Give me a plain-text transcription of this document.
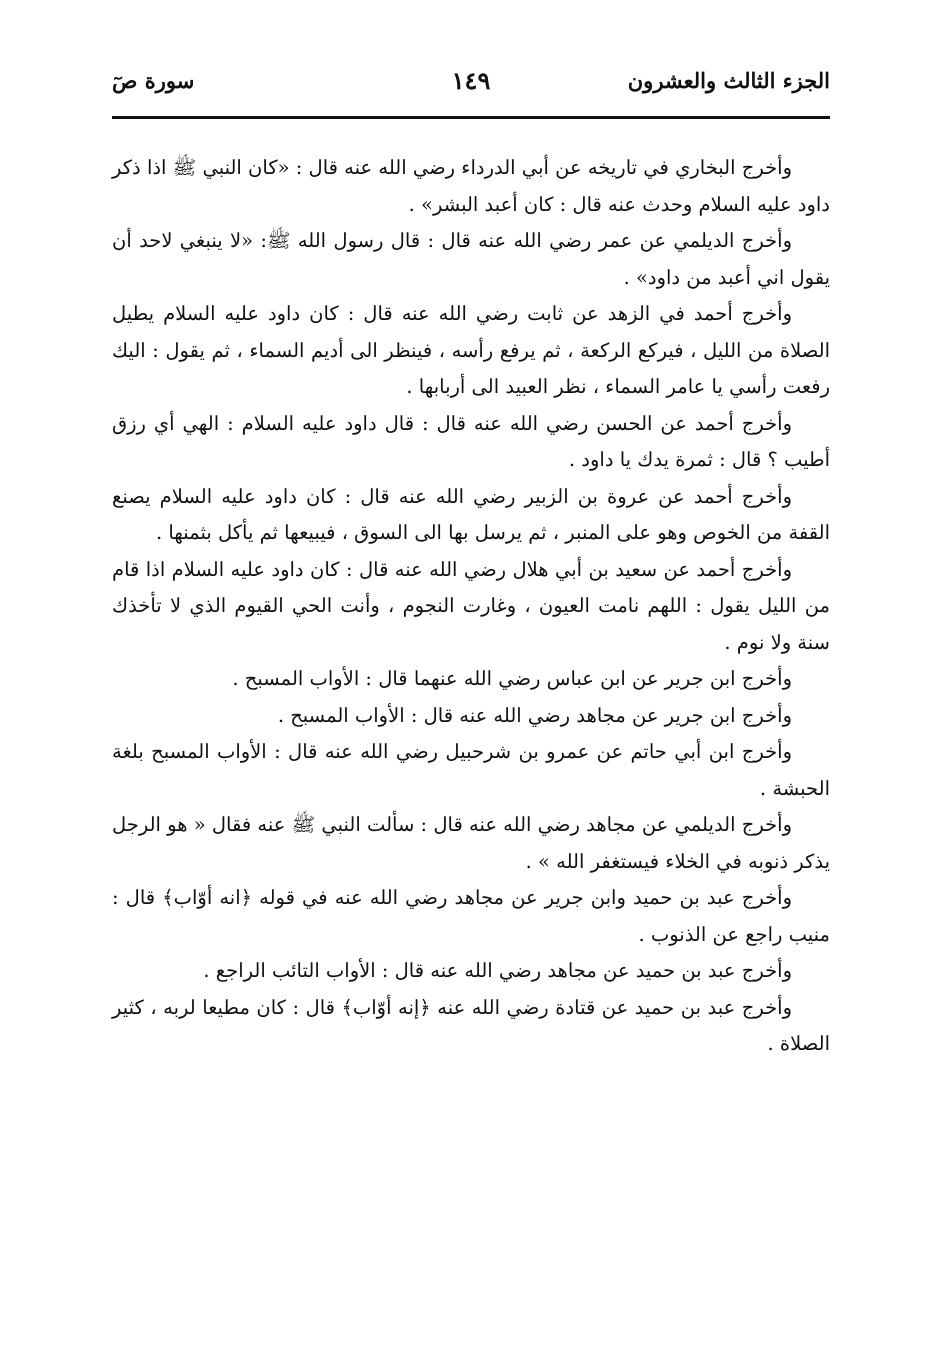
الجزء الثالث والعشرون
١٤٩
سورة صٓ

وأخرج البخاري في تاريخه عن أبي الدرداء رضي الله عنه قال : «كان النبي ﷺ اذا ذكر داود عليه السلام وحدث عنه قال : كان أعبد البشر» .

وأخرج الديلمي عن عمر رضي الله عنه قال : قال رسول الله ﷺ: «لا ينبغي لاحد أن يقول اني أعبد من داود» .

وأخرج أحمد في الزهد عن ثابت رضي الله عنه قال : كان داود عليه السلام يطيل الصلاة من الليل ، فيركع الركعة ، ثم يرفع رأسه ، فينظر الى أديم السماء ، ثم يقول : اليك رفعت رأسي يا عامر السماء ، نظر العبيد الى أربابها .

وأخرج أحمد عن الحسن رضي الله عنه قال : قال داود عليه السلام : الهي أي رزق أطيب ؟ قال : ثمرة يدك يا داود .

وأخرج أحمد عن عروة بن الزبير رضي الله عنه قال : كان داود عليه السلام يصنع القفة من الخوص وهو على المنبر ، ثم يرسل بها الى السوق ، فيبيعها ثم يأكل بثمنها .

وأخرج أحمد عن سعيد بن أبي هلال رضي الله عنه قال : كان داود عليه السلام اذا قام من الليل يقول : اللهم نامت العيون ، وغارت النجوم ، وأنت الحي القيوم الذي لا تأخذك سنة ولا نوم .

وأخرج ابن جرير عن ابن عباس رضي الله عنهما قال : الأواب المسبح .

وأخرج ابن جرير عن مجاهد رضي الله عنه قال : الأواب المسبح .

وأخرج ابن أبي حاتم عن عمرو بن شرحبيل رضي الله عنه قال : الأواب المسبح بلغة الحبشة .

وأخرج الديلمي عن مجاهد رضي الله عنه قال : سألت النبي ﷺ عنه فقال « هو الرجل يذكر ذنوبه في الخلاء فيستغفر الله » .

وأخرج عبد بن حميد وابن جرير عن مجاهد رضي الله عنه في قوله ﴿انه أوّاب﴾ قال : منيب راجع عن الذنوب .

وأخرج عبد بن حميد عن مجاهد رضي الله عنه قال : الأواب التائب الراجع .

وأخرج عبد بن حميد عن قتادة رضي الله عنه ﴿إنه أوّاب﴾ قال : كان مطيعا لربه ، كثير الصلاة .
